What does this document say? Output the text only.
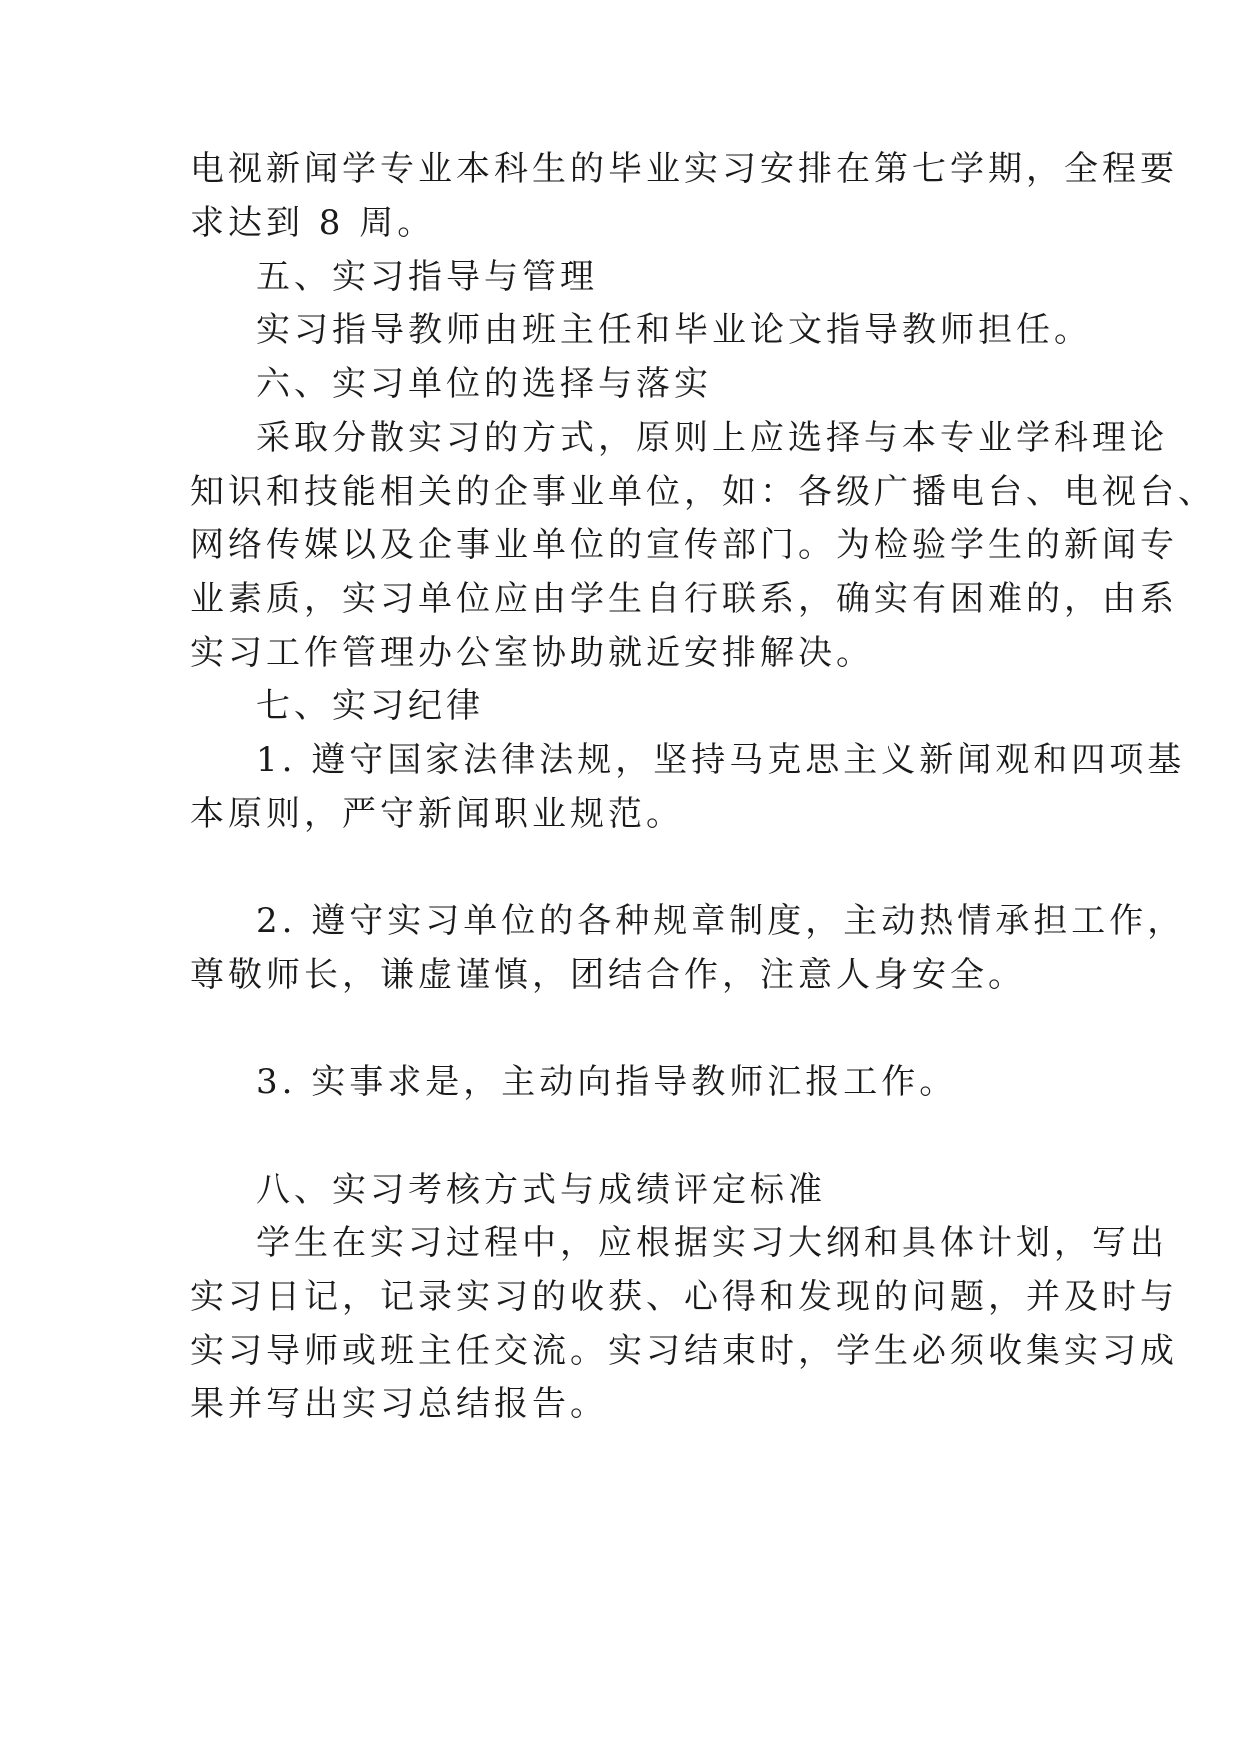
电视新闻学专业本科生的毕业实习安排在第七学期，全程要

求达到 8 周。

五、实习指导与管理

实习指导教师由班主任和毕业论文指导教师担任。

六、实习单位的选择与落实

采取分散实习的方式，原则上应选择与本专业学科理论

知识和技能相关的企事业单位，如：各级广播电台、电视台、

网络传媒以及企事业单位的宣传部门。为检验学生的新闻专

业素质，实习单位应由学生自行联系，确实有困难的，由系

实习工作管理办公室协助就近安排解决。

七、实习纪律

1. 遵守国家法律法规，坚持马克思主义新闻观和四项基

本原则，严守新闻职业规范。

2. 遵守实习单位的各种规章制度，主动热情承担工作，

尊敬师长，谦虚谨慎，团结合作，注意人身安全。

3. 实事求是，主动向指导教师汇报工作。

八、实习考核方式与成绩评定标准

学生在实习过程中，应根据实习大纲和具体计划，写出

实习日记，记录实习的收获、心得和发现的问题，并及时与

实习导师或班主任交流。实习结束时，学生必须收集实习成

果并写出实习总结报告。
